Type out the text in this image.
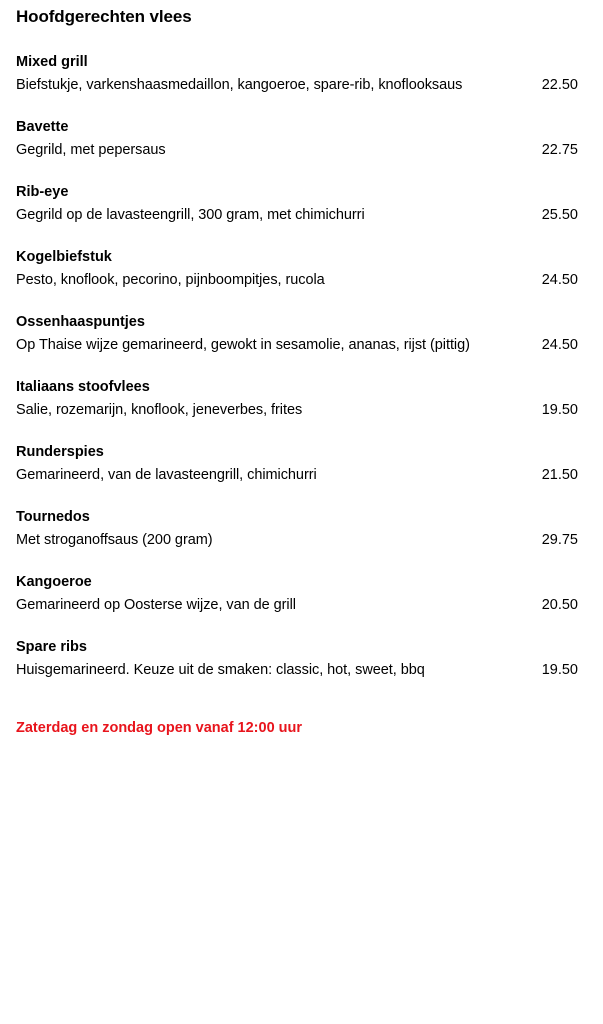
Hoofdgerechten vlees
Mixed grill
Biefstukje, varkenshaasmedaillon, kangoeroe, spare-rib, knoflooksaus	22.50
Bavette
Gegrild, met pepersaus	22.75
Rib-eye
Gegrild op de lavasteengrill, 300 gram, met chimichurri	25.50
Kogelbiefstuk
Pesto, knoflook, pecorino, pijnboompitjes, rucola	24.50
Ossenhaaspuntjes
Op Thaise wijze gemarineerd, gewokt in sesamolie, ananas, rijst (pittig)	24.50
Italiaans stoofvlees
Salie, rozemarijn, knoflook, jeneverbes, frites	19.50
Runderspies
Gemarineerd, van de lavasteengrill, chimichurri	21.50
Tournedos
Met stroganoffsaus (200 gram)	29.75
Kangoeroe
Gemarineerd op Oosterse wijze, van de grill	20.50
Spare ribs
Huisgemarineerd. Keuze uit de smaken: classic, hot, sweet, bbq	19.50
Zaterdag en zondag open vanaf 12:00 uur
